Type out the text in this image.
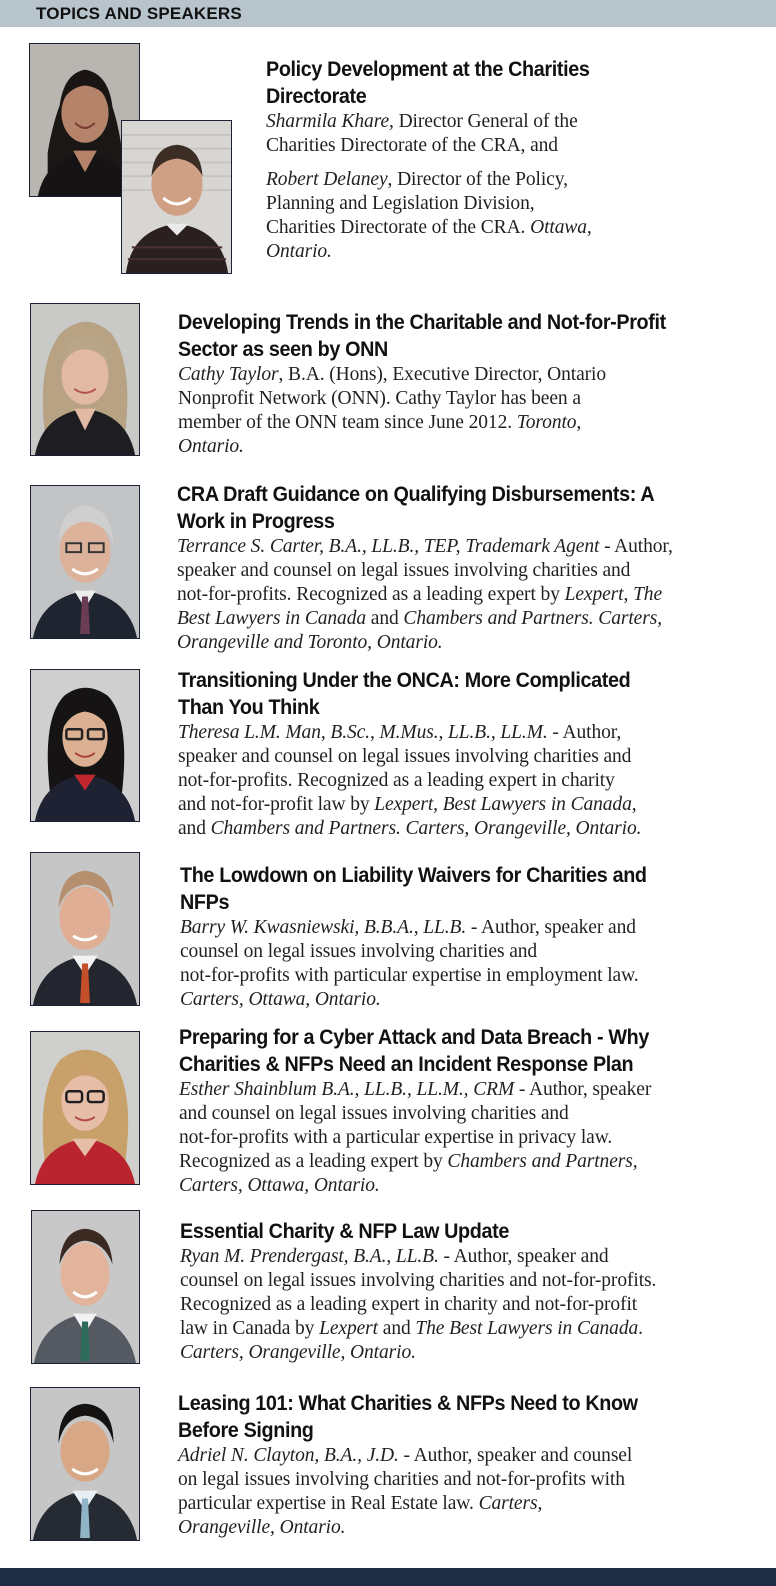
TOPICS AND SPEAKERS
Policy Development at the Charities
Directorate

Sharmila Khare, Director General of the

Charities Directorate of the CRA, and

Robert Delaney, Director of the Policy,

Planning and Legislation Division,

Charities Directorate of the CRA. Ottawa,

Ontario.

Developing Trends in the Charitable and Not-for-Profit
Sector as seen by ONN

Cathy Taylor, B.A. (Hons), Executive Director, Ontario

Nonprofit Network (ONN). Cathy Taylor has been a

member of the ONN team since June 2012. Toronto,

Ontario.

CRA Draft Guidance on Qualifying Disbursements: A
Work in Progress

Terrance S. Carter, B.A., LL.B., TEP, Trademark Agent - Author,

speaker and counsel on legal issues involving charities and

not-for-profits. Recognized as a leading expert by Lexpert, The

Best Lawyers in Canada and Chambers and Partners. Carters,

Orangeville and Toronto, Ontario.

Transitioning Under the ONCA: More Complicated
Than You Think

Theresa L.M. Man, B.Sc., M.Mus., LL.B., LL.M. - Author,

speaker and counsel on legal issues involving charities and

not-for-profits. Recognized as a leading expert in charity

and not-for-profit law by Lexpert, Best Lawyers in Canada,

and Chambers and Partners. Carters, Orangeville, Ontario.

The Lowdown on Liability Waivers for Charities and
NFPs

Barry W. Kwasniewski, B.B.A., LL.B. - Author, speaker and

counsel on legal issues involving charities and

not-for-profits with particular expertise in employment law.

Carters, Ottawa, Ontario.

Preparing for a Cyber Attack and Data Breach - Why
Charities & NFPs Need an Incident Response Plan

Esther Shainblum B.A., LL.B., LL.M., CRM - Author, speaker

and counsel on legal issues involving charities and

not-for-profits with a particular expertise in privacy law.

Recognized as a leading expert by Chambers and Partners,

Carters, Ottawa, Ontario.

Essential Charity & NFP Law Update

Ryan M. Prendergast, B.A., LL.B. - Author, speaker and

counsel on legal issues involving charities and not-for-profits.

Recognized as a leading expert in charity and not-for-profit

law in Canada by Lexpert and The Best Lawyers in Canada.

Carters, Orangeville, Ontario.

Leasing 101: What Charities & NFPs Need to Know
Before Signing

Adriel N. Clayton, B.A., J.D. - Author, speaker and counsel

on legal issues involving charities and not-for-profits with

particular expertise in Real Estate law. Carters,

Orangeville, Ontario.
